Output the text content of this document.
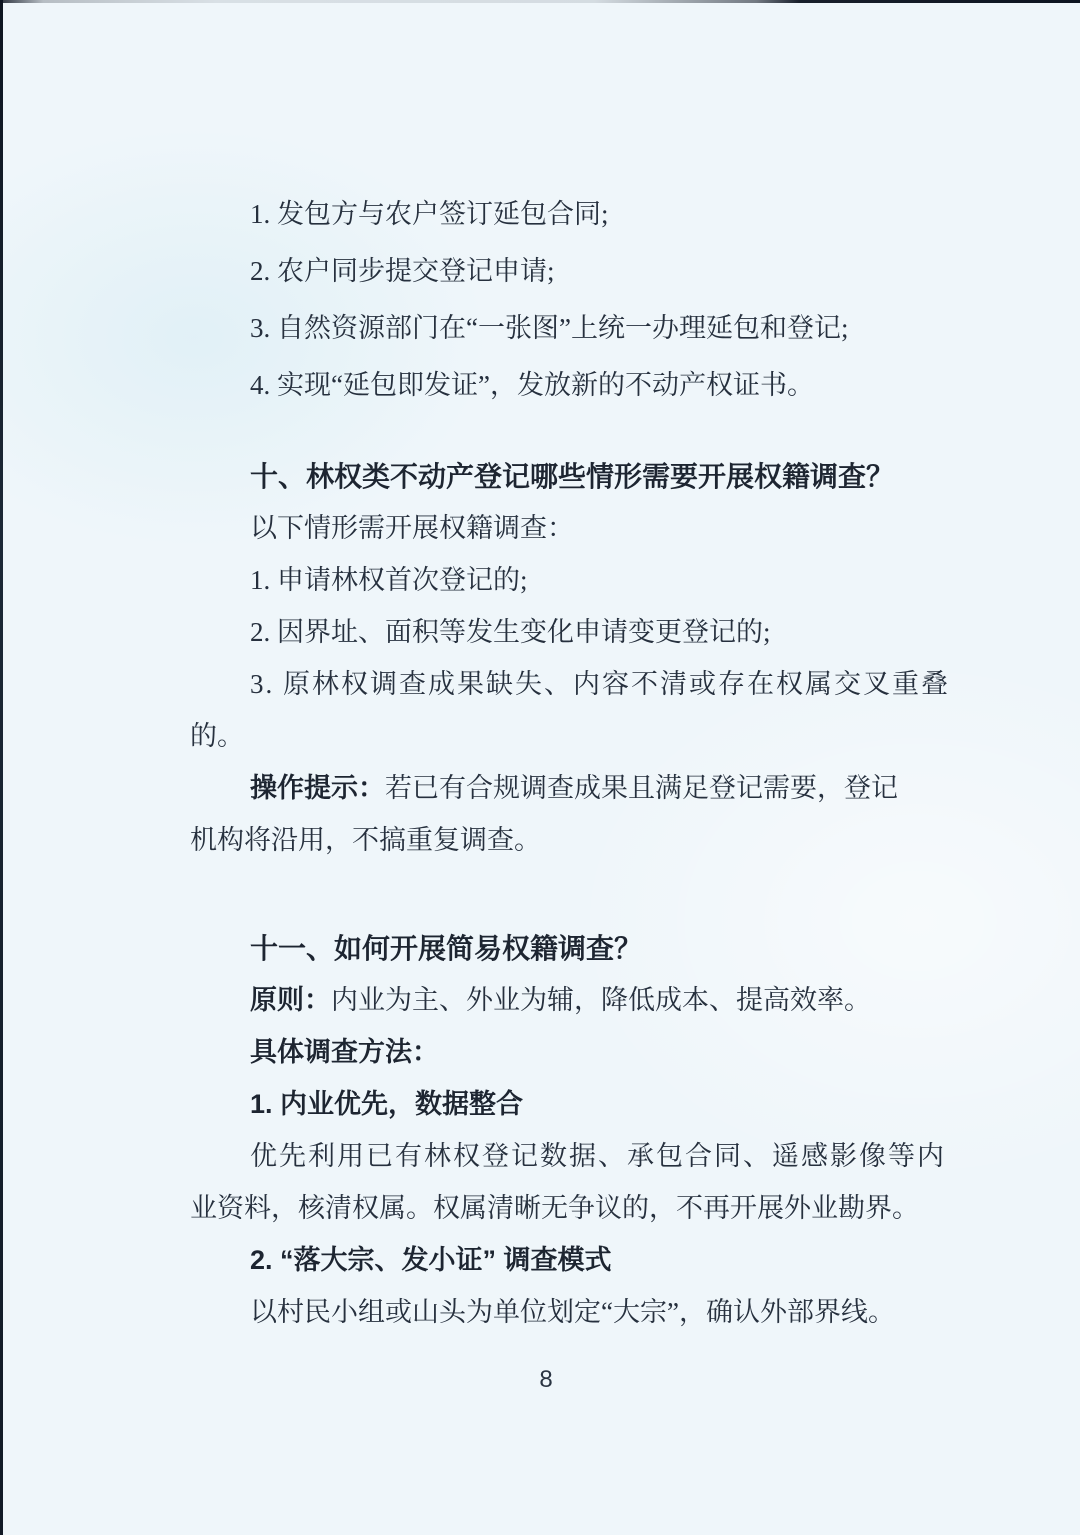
1. 发包方与农户签订延包合同;
2. 农户同步提交登记申请;
3. 自然资源部门在“一张图”上统一办理延包和登记;
4. 实现“延包即发证”，发放新的不动产权证书。
十、林权类不动产登记哪些情形需要开展权籍调查？
以下情形需开展权籍调查：
1. 申请林权首次登记的;
2. 因界址、面积等发生变化申请变更登记的;
3. 原林权调查成果缺失、内容不清或存在权属交叉重叠
的。
操作提示：若已有合规调查成果且满足登记需要，登记
机构将沿用，不搞重复调查。
十一、如何开展简易权籍调查？
原则：内业为主、外业为辅，降低成本、提高效率。
具体调查方法：
1. 内业优先，数据整合
优先利用已有林权登记数据、承包合同、遥感影像等内
业资料，核清权属。权属清晰无争议的，不再开展外业勘界。
2. “落大宗、发小证” 调查模式
以村民小组或山头为单位划定“大宗”，确认外部界线。
8
